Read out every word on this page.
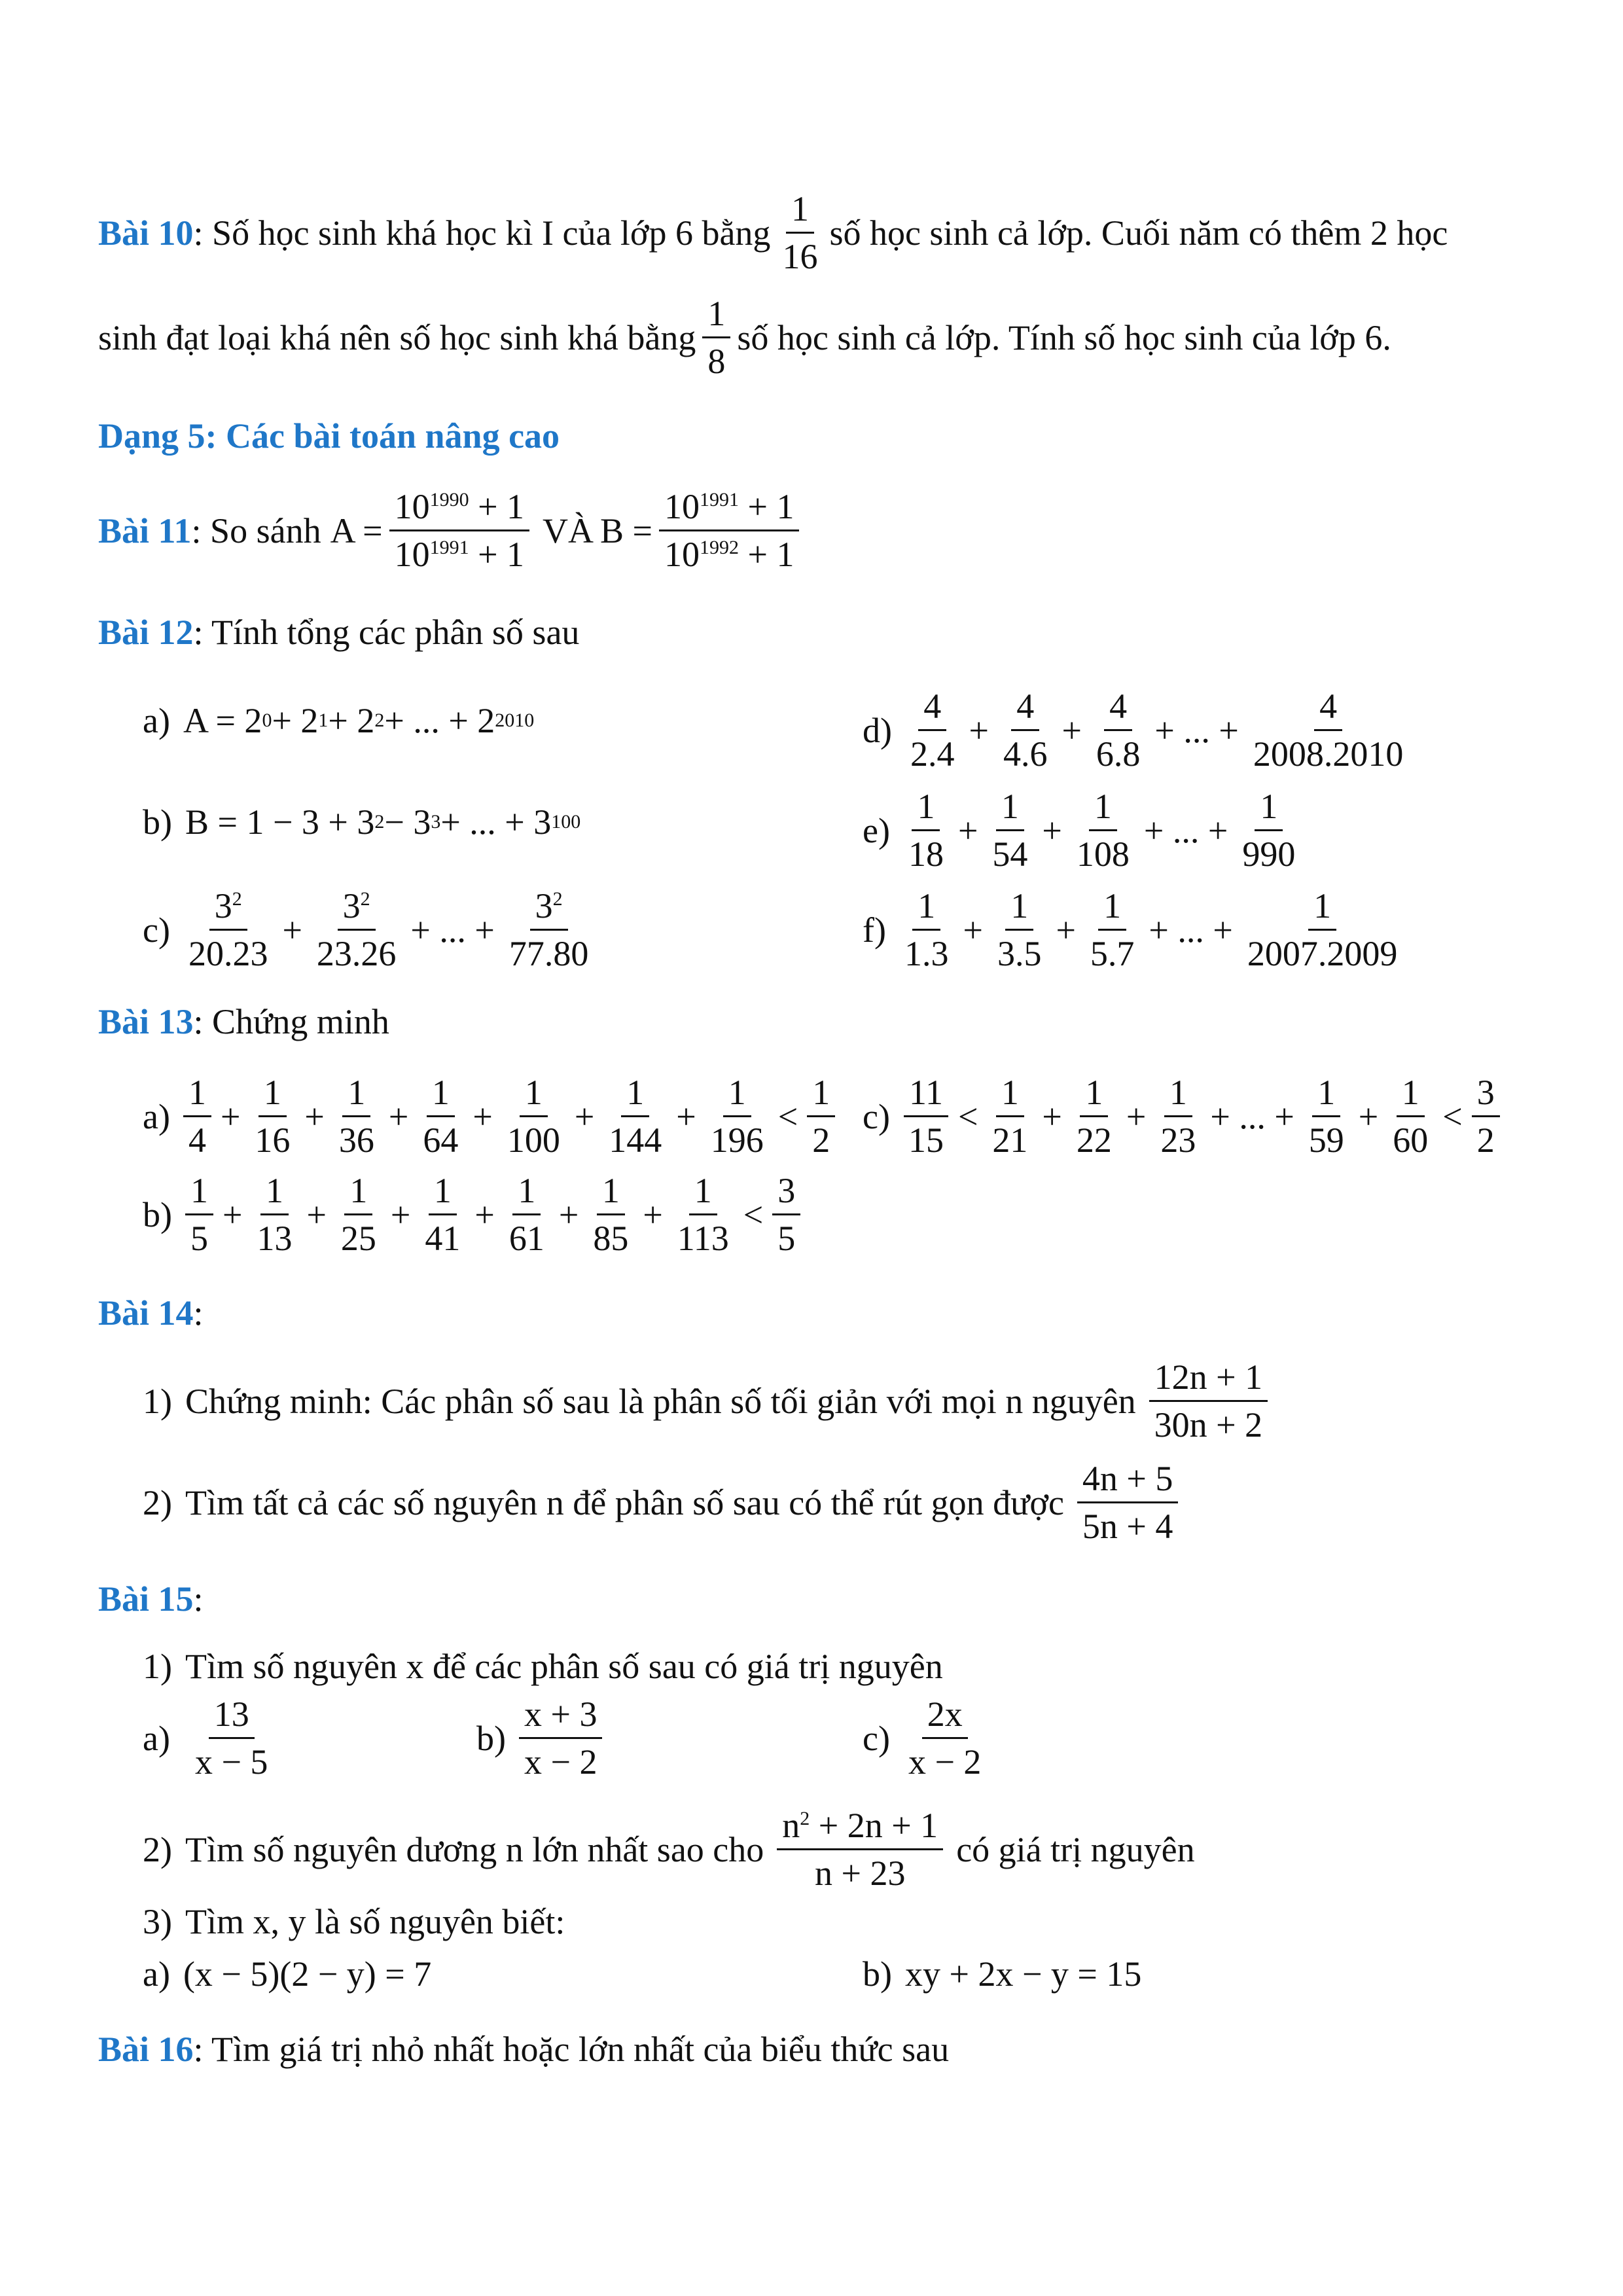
Bài 10 : Số học sinh khá học kì I của lớp 6 bằng $\frac{1}{16}$ số học sinh cả lớp. Cuối năm có thêm 2 học
sinh đạt loại khá nên số học sinh khá bằng $\frac{1}{8}$ số học sinh cả lớp. Tính số học sinh của lớp 6.
Dạng 5: Các bài toán nâng cao
Bài 11 : So sánh $A = \frac{10^{1990} + 1}{10^{1991} + 1}$ VÀ $B = \frac{10^{1991} + 1}{10^{1992} + 1}$
Bài 12 : Tính tổng các phân số sau
a) A = 2 0 + 2 1 + 2 2 + ... + 2 2010	$d) \frac{4}{2.4} + \frac{4}{4.6} + \frac{4}{6.8}$ + ... + $\frac{4}{2008.2010}$
b) B = 1 − 3 + 3 2 − 3 3 + ... + 3 100	$e) \frac{1}{18} + \frac{1}{54} + \frac{1}{108}$ + ... + $\frac{1}{990}$
$c) \frac{3^2}{20.23} + \frac{3^2}{23.26}$ + ... + $\frac{3^2}{77.80}$	$f) \frac{1}{1.3} + \frac{1}{3.5} + \frac{1}{5.7}$ + ... + $\frac{1}{2007.2009}$
Bài 13 : Chứng minh
$a) \frac{1}{4} + \frac{1}{16} + \frac{1}{36} + \frac{1}{64} + \frac{1}{100} + \frac{1}{144} + \frac{1}{196} < \frac{1}{2} c) \frac{11}{15} < \frac{1}{21} + \frac{1}{22} + \frac{1}{23}$ + ... + $\frac{1}{59} + \frac{1}{60} < \frac{3}{2}$
$b) \frac{1}{5} + \frac{1}{13} + \frac{1}{25} + \frac{1}{41} + \frac{1}{61} + \frac{1}{85} + \frac{1}{113} < \frac{3}{5}$
Bài 14 :
1) Chứng minh: Các phân số sau là phân số tối giản với mọi n nguyên $\frac{12n + 1}{30n + 2}$
2) Tìm tất cả các số nguyên n để phân số sau có thể rút gọn được $\frac{4n + 5}{5n + 4}$
Bài 15 :
1) Tìm số nguyên x để các phân số sau có giá trị nguyên
$a) \frac{13}{x - 5}$	$b) \frac{x + 3}{x - 2}$	$c) \frac{2x}{x - 2}$
2) Tìm số nguyên dương n lớn nhất sao cho $\frac{n^2 + 2n + 1}{n + 23}$ có giá trị nguyên
3) Tìm x, y là số nguyên biết:
a) (x − 5)(2 − y) = 7	b) xy + 2x − y = 15
Bài 16 : Tìm giá trị nhỏ nhất hoặc lớn nhất của biểu thức sau
